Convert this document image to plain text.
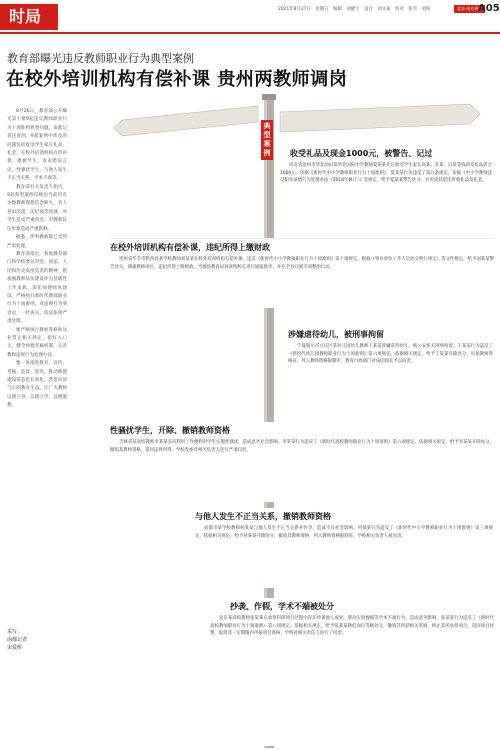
时局	2021年8月27日 星期五 编辑 刘健宁 设计 刘文豪 校对 张雪 刘锐	北京·南方周末
A05
教育部曝光违反教师职业行为典型案例
在校外培训机构有偿补课 贵州两教师调岗

8月26日，教育部公开曝光第十批9起违反教师职业行为十项准则典型问题。南都记者注意到，9起案例中涉及的问题包括收受学生家长礼品、礼金，在校外培训机构有偿补课，猥亵学生，发表错误言论，性骚扰学生，与他人发生不正当关系，学术不端等。

教育部有关负责人指出，9起典型案例反映出当前仍有少数教师理想信念缺失，育人意识淡漠，法纪观念淡薄，对学生造成严重伤害，对教师队伍形象造成严重影响。

据悉，涉事教师都已受到严肃处理。

教育部指出，各地教育部门和学校要以对党、国家、人民和历史高度负责的精神，把加强教师队伍建设作为基础性工作来抓，深化师德师风建设，严格执行新时代教师职业行为十项准则，对违规行为零容忍，一经查实，依法依规严肃处理。

要严格执行教师资格和从业禁止相关规定，把好入口关，健全师德考核机制，完善教师违规行为处理办法。

要一体推进教育、宣传、考核、监督、惩处，推动师德建设常态化长效化，营造风清气正的教育生态，让广大教师以德立身、以德立学、以德施教。

采写：
南都记者
宋爱辉
典型案例	收受礼品及现金1000元，被警告、记过
河北省沧州市华北油田第华北国际中学教师夏某某先后收受学生家长高某、苏某、冯某等钱款及礼品折合1000元。依据《新时代中小学教师职业行为十项准则》，夏某某行为违反了第九条规定，依据《中小学教师违反职业道德行为处理办法（2018年修订）》等规定，给予夏某某警告处分，并责成其退还所收礼品及礼金。
在校外培训机构有偿补课，违纪所得上缴财政
贵州省毕节市黔西县某学校教师刘某某在校外培训机构有偿补课，违反《新时代中小学教师职业行为十项准则》第十项规定。根据《事业单位工作人员处分暂行规定》等文件规定，给予刘某某警告处分，调离教师岗位，违纪所得上缴财政。当地县教育局对该校校长进行通报批评，并在全县开展专项整治行动。
涉嫌虐待幼儿，被刑事拘留
宁夏银川市兴庆区某幼儿园幼儿教师王某某涉嫌虐待幼儿，被公安机关刑事拘留。王某某行为违反了《新时代幼儿园教师职业行为十项准则》第六项规定。依据相关规定，给予王某某开除处分，吊销教师资格证，列入教师资格限制库，教育行政部门对该园园长予以问责。
性骚扰学生，开除、撤销教师资格
吉林省某高校教师李某某多次利用工作便利对学生实施性骚扰，造成恶劣社会影响。李某某行为违反了《新时代高校教师职业行为十项准则》第六项规定。依据相关规定，给予李某某开除处分，撤销其教师资格，追回违规所得，学校党委对相关负责人进行严肃问责。
与他人发生不正当关系，撤销教师资格
成都市某学校教师何某某与他人发生不正当关系并怀孕，造成不良社会影响。何某某行为违反了《新时代中小学教师职业行为十项准则》第三项规定。依据相关规定，给予何某某开除处分，撤销其教师资格，列入教师资格限制库，学校相关负责人被问责。
抄袭、作假，学术不端被处分
北京某高校教师张某某在承担科研项目过程中存在抄袭他人成果、篡改实验数据等学术不端行为，造成恶劣影响。张某某行为违反了《新时代高校教师职业行为十项准则》第八项规定。依据相关规定，给予张某某降低岗位等级处分，撤销其所获相关奖励，终止其所承担项目，追回项目经费，取消其一定期限内申报项目资格，学校对相关责任人进行了问责。
